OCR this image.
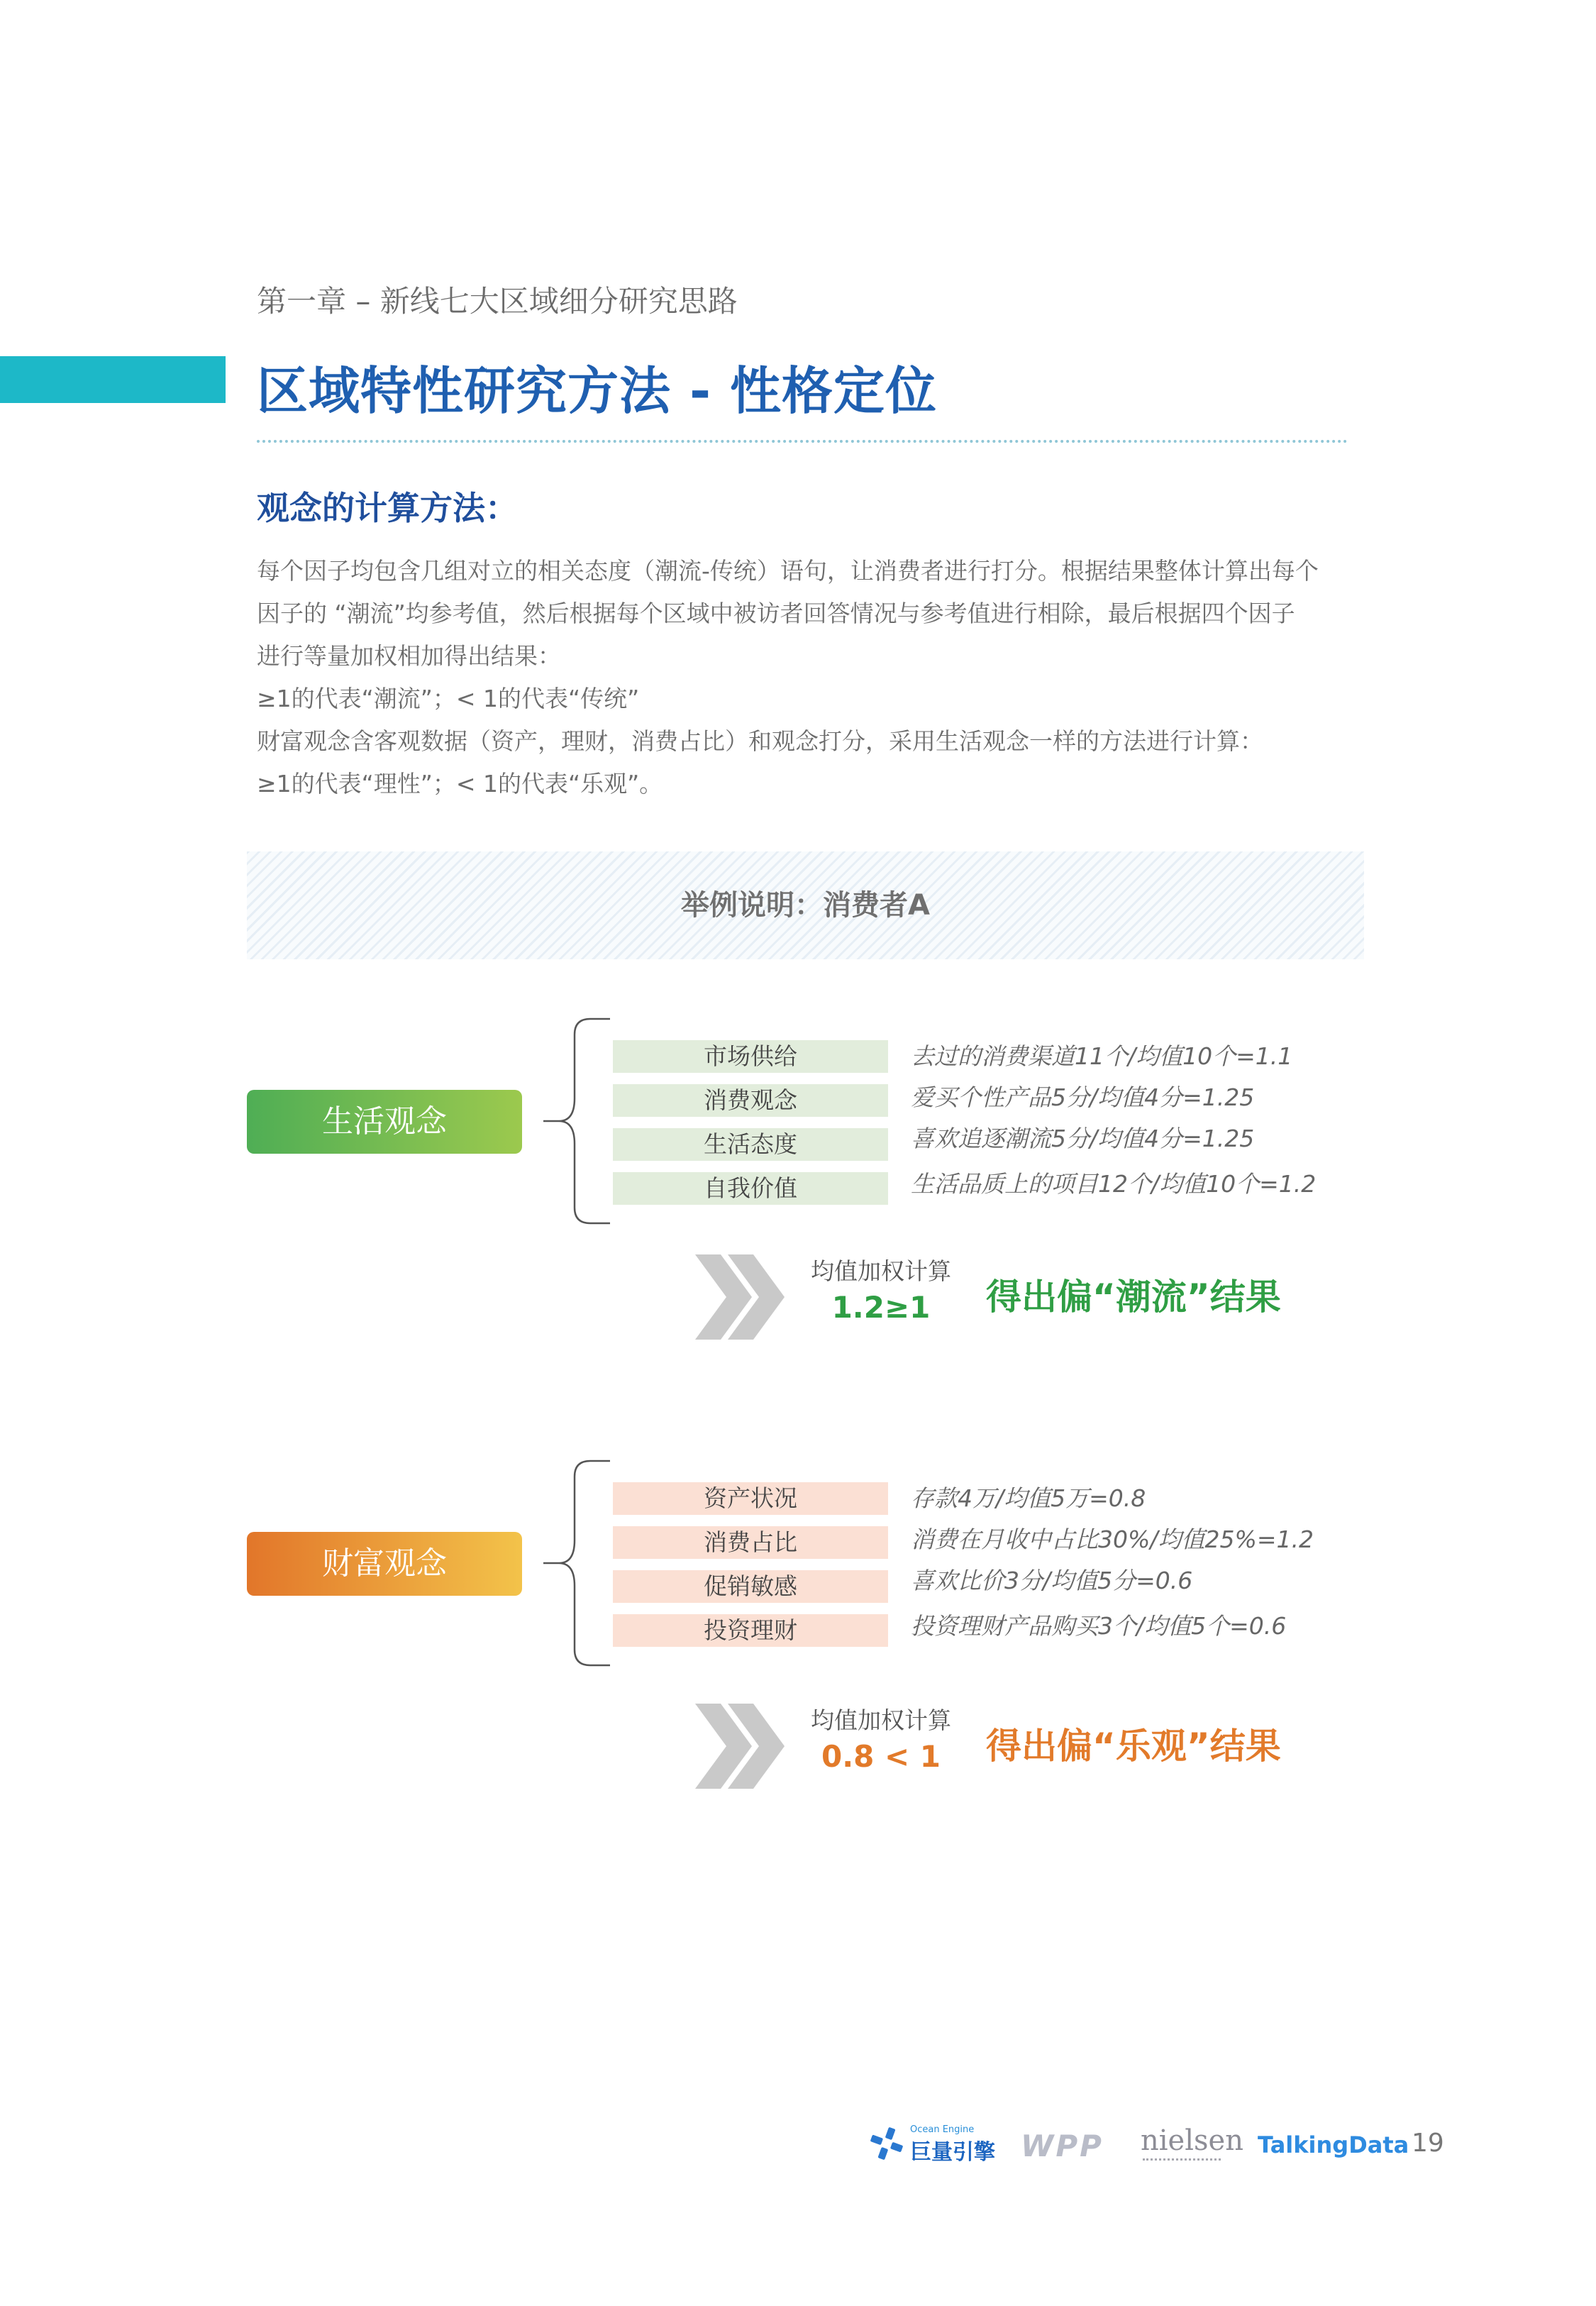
第一章 – 新线七大区域细分研究思路
区域特性研究方法 - 性格定位
观念的计算方法：
每个因子均包含几组对立的相关态度（潮流-传统）语句，让消费者进行打分。根据结果整体计算出每个
因子的 “潮流”均参考值，然后根据每个区域中被访者回答情况与参考值进行相除，最后根据四个因子
进行等量加权相加得出结果：
≥1的代表“潮流”；< 1的代表“传统”
财富观念含客观数据（资产，理财，消费占比）和观念打分，采用生活观念一样的方法进行计算：
≥1的代表“理性”；< 1的代表“乐观”。
举例说明：消费者A
生活观念
市场供给	去过的消费渠道11个/均值10个=1.1
消费观念	爱买个性产品5分/均值4分=1.25
生活态度	喜欢追逐潮流5分/均值4分=1.25
自我价值	生活品质上的项目12个/均值10个=1.2
均值加权计算
1.2≥1	得出偏“潮流”结果
财富观念
资产状况	存款4万/均值5万=0.8
消费占比	消费在月收中占比30%/均值25%=1.2
促销敏感	喜欢比价3分/均值5分=0.6
投资理财	投资理财产品购买3个/均值5个=0.6
均值加权计算
0.8 < 1	得出偏“乐观”结果
Ocean Engine
巨量引擎 WPP nielsen TalkingData 19
